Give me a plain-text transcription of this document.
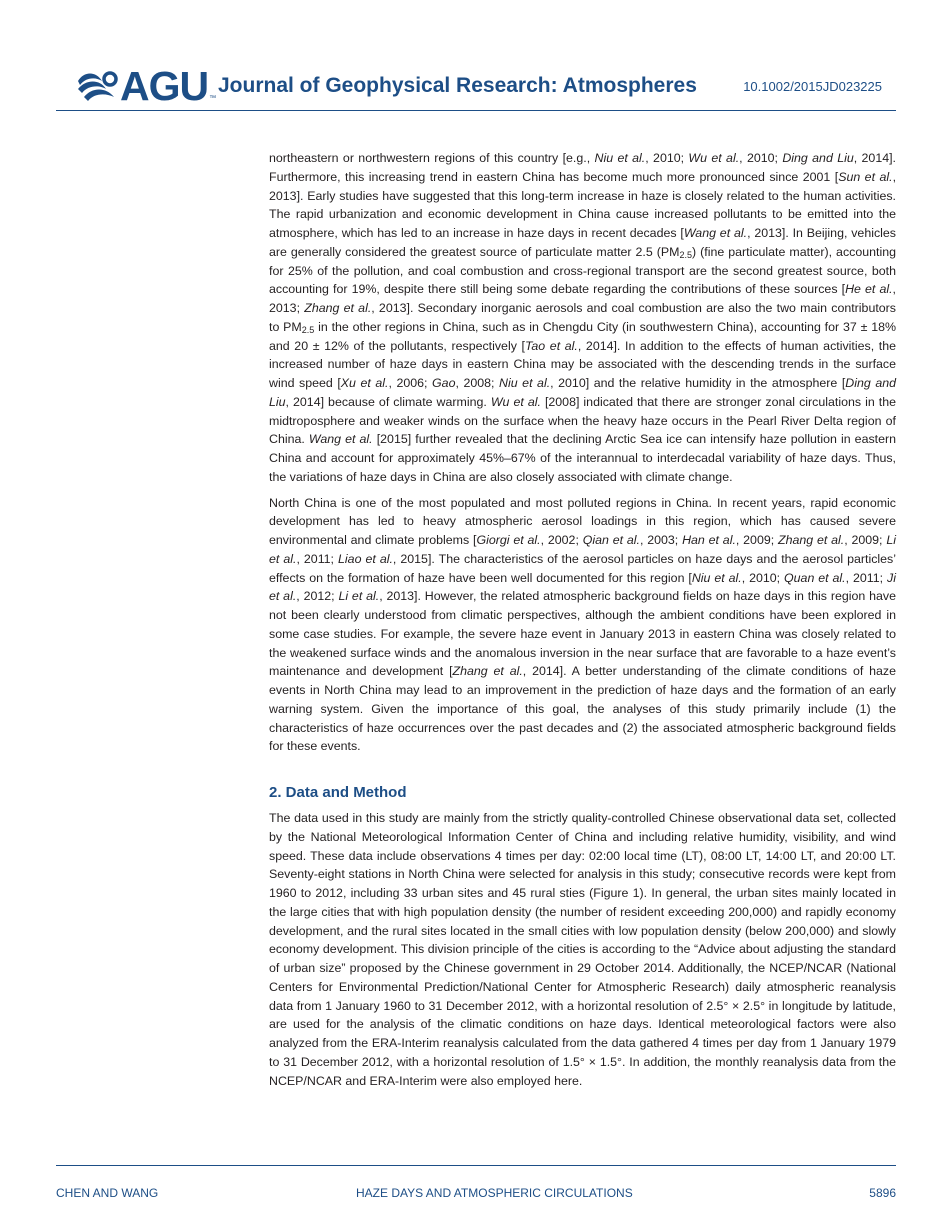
AGU ™
Journal of Geophysical Research: Atmospheres	10.1002/2015JD023225

northeastern or northwestern regions of this country [e.g., Niu et al., 2010; Wu et al., 2010; Ding and Liu, 2014]. Furthermore, this increasing trend in eastern China has become much more pronounced since 2001 [Sun et al., 2013]. Early studies have suggested that this long-term increase in haze is closely related to the human activities. The rapid urbanization and economic development in China cause increased pollutants to be emitted into the atmosphere, which has led to an increase in haze days in recent decades [Wang et al., 2013]. In Beijing, vehicles are generally considered the greatest source of particulate matter 2.5 $(PM_{2.5})$ (fine particulate matter), accounting for 25% of the pollution, and coal combustion and cross-regional transport are the second greatest source, both accounting for 19%, despite there still being some debate regarding the contributions of these sources [He et al., 2013; Zhang et al., 2013]. Secondary inorganic aerosols and coal combustion are also the two main contributors to $PM_{2.5}$ in the other regions in China, such as in Chengdu City (in southwestern China), accounting for 37 ± 18% and 20 ± 12% of the pollutants, respectively [Tao et al., 2014]. In addition to the effects of human activities, the increased number of haze days in eastern China may be associated with the descending trends in the surface wind speed [Xu et al., 2006; Gao, 2008; Niu et al., 2010] and the relative humidity in the atmosphere [Ding and Liu, 2014] because of climate warming. Wu et al. [2008] indicated that there are stronger zonal circulations in the midtroposphere and weaker winds on the surface when the heavy haze occurs in the Pearl River Delta region of China. Wang et al. [2015] further revealed that the declining Arctic Sea ice can intensify haze pollution in eastern China and account for approximately 45%–67% of the interannual to interdecadal variability of haze days. Thus, the variations of haze days in China are also closely associated with climate change.

North China is one of the most populated and most polluted regions in China. In recent years, rapid economic development has led to heavy atmospheric aerosol loadings in this region, which has caused severe environmental and climate problems [Giorgi et al., 2002; Qian et al., 2003; Han et al., 2009; Zhang et al., 2009; Li et al., 2011; Liao et al., 2015]. The characteristics of the aerosol particles on haze days and the aerosol particles’ effects on the formation of haze have been well documented for this region [Niu et al., 2010; Quan et al., 2011; Ji et al., 2012; Li et al., 2013]. However, the related atmospheric background fields on haze days in this region have not been clearly understood from climatic perspectives, although the ambient conditions have been explored in some case studies. For example, the severe haze event in January 2013 in eastern China was closely related to the weakened surface winds and the anomalous inversion in the near surface that are favorable to a haze event’s maintenance and development [Zhang et al., 2014]. A better understanding of the climate conditions of haze events in North China may lead to an improvement in the prediction of haze days and the formation of an early warning system. Given the importance of this goal, the analyses of this study primarily include (1) the characteristics of haze occurrences over the past decades and (2) the associated atmospheric background fields for these events.

2. Data and Method

The data used in this study are mainly from the strictly quality-controlled Chinese observational data set, collected by the National Meteorological Information Center of China and including relative humidity, visibility, and wind speed. These data include observations 4 times per day: 02:00 local time (LT), 08:00 LT, 14:00 LT, and 20:00 LT. Seventy-eight stations in North China were selected for analysis in this study; consecutive records were kept from 1960 to 2012, including 33 urban sites and 45 rural sties (Figure 1). In general, the urban sites mainly located in the large cities that with high population density (the number of resident exceeding 200,000) and rapidly economy development, and the rural sites located in the small cities with low population density (below 200,000) and slowly economy development. This division principle of the cities is according to the “Advice about adjusting the standard of urban size” proposed by the Chinese government in 29 October 2014. Additionally, the NCEP/NCAR (National Centers for Environmental Prediction/National Center for Atmospheric Research) daily atmospheric reanalysis data from 1 January 1960 to 31 December 2012, with a horizontal resolution of 2.5° × 2.5° in longitude by latitude, are used for the analysis of the climatic conditions on haze days. Identical meteorological factors were also analyzed from the ERA-Interim reanalysis calculated from the data gathered 4 times per day from 1 January 1979 to 31 December 2012, with a horizontal resolution of 1.5° × 1.5°. In addition, the monthly reanalysis data from the NCEP/NCAR and ERA-Interim were also employed here.

CHEN AND WANG	HAZE DAYS AND ATMOSPHERIC CIRCULATIONS	5896
